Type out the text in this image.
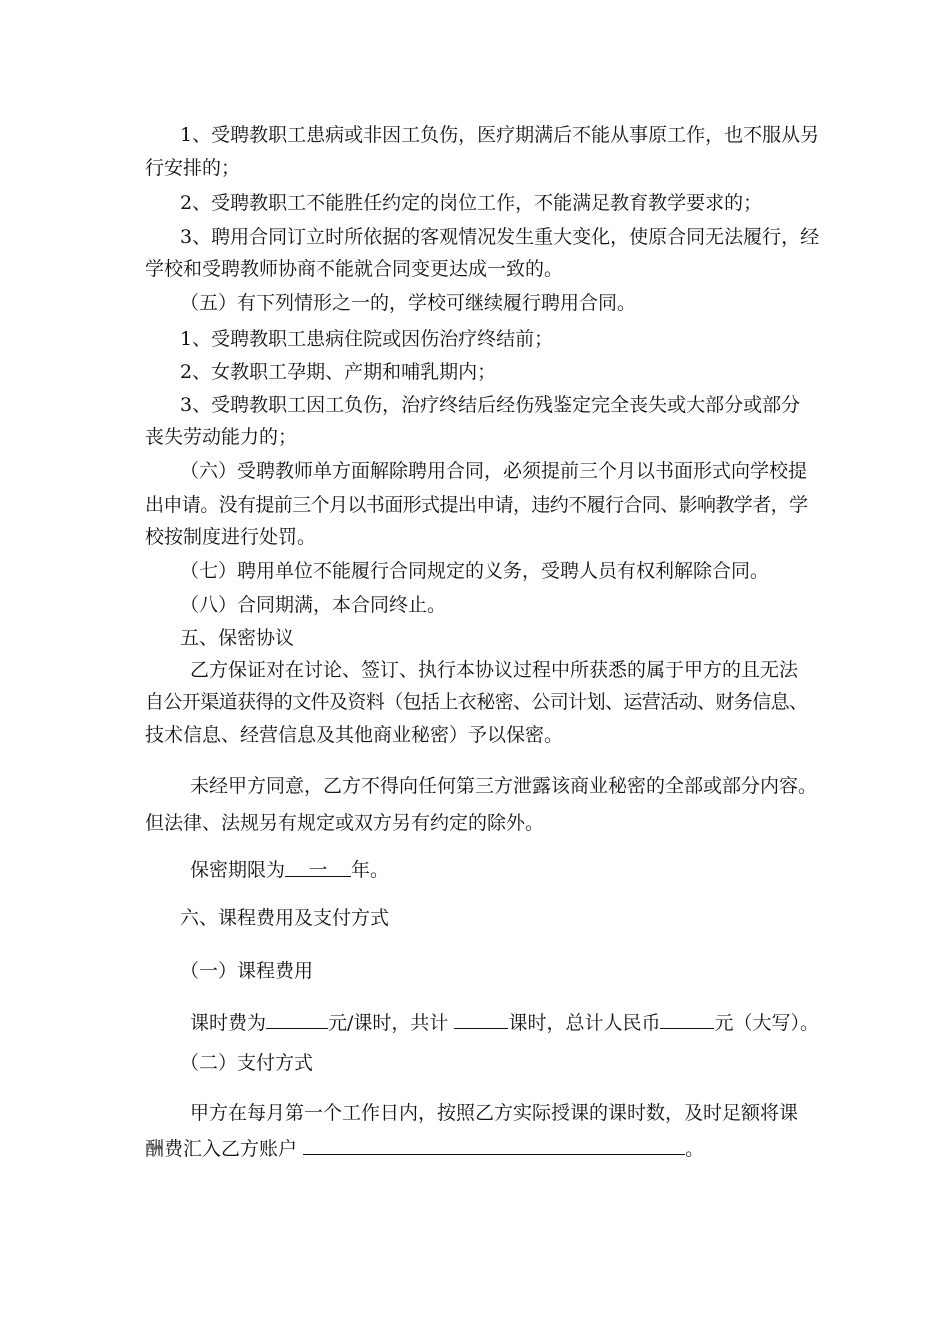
1、受聘教职工患病或非因工负伤，医疗期满后不能从事原工作，也不服从另
行安排的；
2、受聘教职工不能胜任约定的岗位工作，不能满足教育教学要求的；
3、聘用合同订立时所依据的客观情况发生重大变化，使原合同无法履行，经
学校和受聘教师协商不能就合同变更达成一致的。
（五）有下列情形之一的，学校可继续履行聘用合同。
1、受聘教职工患病住院或因伤治疗终结前；
2、女教职工孕期、产期和哺乳期内；
3、受聘教职工因工负伤，治疗终结后经伤残鉴定完全丧失或大部分或部分
丧失劳动能力的；
（六）受聘教师单方面解除聘用合同，必须提前三个月以书面形式向学校提
出申请。没有提前三个月以书面形式提出申请，违约不履行合同、影响教学者，学
校按制度进行处罚。
（七）聘用单位不能履行合同规定的义务，受聘人员有权利解除合同。
（八）合同期满，本合同终止。
五、保密协议
乙方保证对在讨论、签订、执行本协议过程中所获悉的属于甲方的且无法
自公开渠道获得的文件及资料（包括上衣秘密、公司计划、运营活动、财务信息、
技术信息、经营信息及其他商业秘密）予以保密。
未经甲方同意，乙方不得向任何第三方泄露该商业秘密的全部或部分内容。
但法律、法规另有规定或双方另有约定的除外。
保密期限为 一 年。
六、课程费用及支付方式
（一）课程费用
课时费为	元/课时，共计	课时，总计人民币	元（大写）。
（二）支付方式
甲方在每月第一个工作日内，按照乙方实际授课的课时数，及时足额将课
酬费汇入乙方账户	。
